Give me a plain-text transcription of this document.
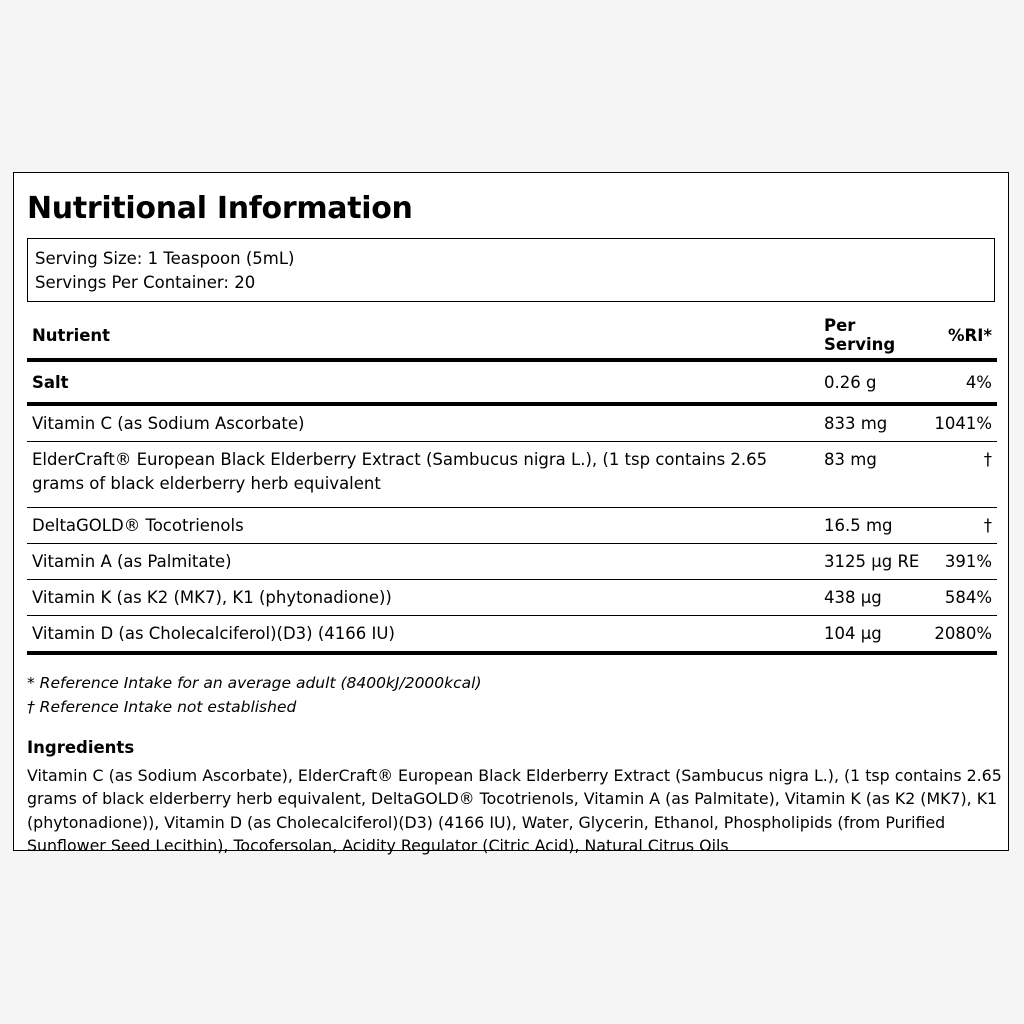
Nutritional Information
Serving Size: 1 Teaspoon (5mL)
Servings Per Container: 20
Nutrient	Per Serving	%RI*
Salt	0.26 g	4%
Vitamin C (as Sodium Ascorbate)	833 mg	1041%
ElderCraft® European Black Elderberry Extract (Sambucus nigra L.), (1 tsp contains 2.65 grams of black elderberry herb equivalent	83 mg	†
DeltaGOLD® Tocotrienols	16.5 mg	†
Vitamin A (as Palmitate)	3125 µg RE	391%
Vitamin K (as K2 (MK7), K1 (phytonadione))	438 µg	584%
Vitamin D (as Cholecalciferol)(D3) (4166 IU)	104 µg	2080%
* Reference Intake for an average adult (8400kJ/2000kcal)
† Reference Intake not established
Ingredients
Vitamin C (as Sodium Ascorbate), ElderCraft® European Black Elderberry Extract (Sambucus nigra L.), (1 tsp contains 2.65 grams of black elderberry herb equivalent, DeltaGOLD® Tocotrienols, Vitamin A (as Palmitate), Vitamin K (as K2 (MK7), K1 (phytonadione)), Vitamin D (as Cholecalciferol)(D3) (4166 IU), Water, Glycerin, Ethanol, Phospholipids (from Purified Sunflower Seed Lecithin), Tocofersolan, Acidity Regulator (Citric Acid), Natural Citrus Oils
